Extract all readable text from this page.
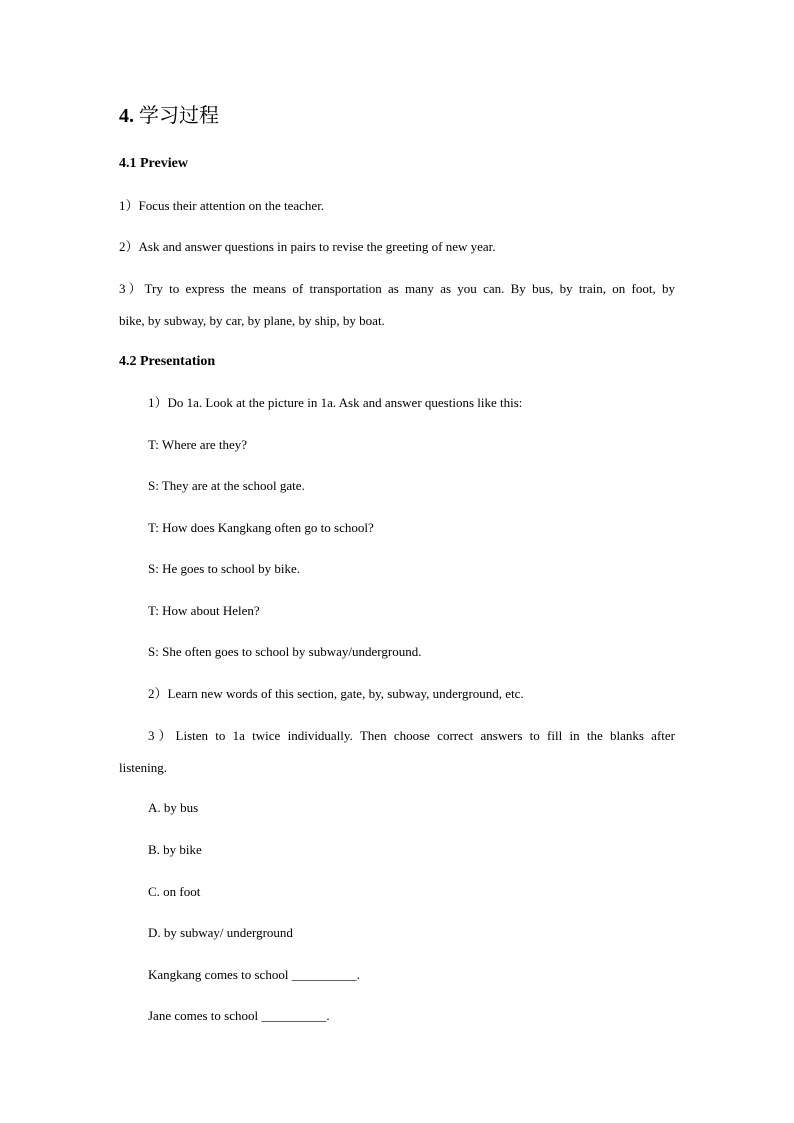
4. 学习过程
4.1 Preview
1）Focus their attention on the teacher.
2）Ask and answer questions in pairs to revise the greeting of new year.
3）Try to express the means of transportation as many as you can. By bus, by train, on foot, by
bike, by subway, by car, by plane, by ship, by boat.
4.2 Presentation
1）Do 1a. Look at the picture in 1a. Ask and answer questions like this:
T: Where are they?
S: They are at the school gate.
T: How does Kangkang often go to school?
S: He goes to school by bike.
T: How about Helen?
S: She often goes to school by subway/underground.
2）Learn new words of this section, gate, by, subway, underground, etc.
3）Listen to 1a twice individually. Then choose correct answers to fill in the blanks after
listening.
A. by bus
B. by bike
C. on foot
D. by subway/ underground
Kangkang comes to school __________.
Jane comes to school __________.
